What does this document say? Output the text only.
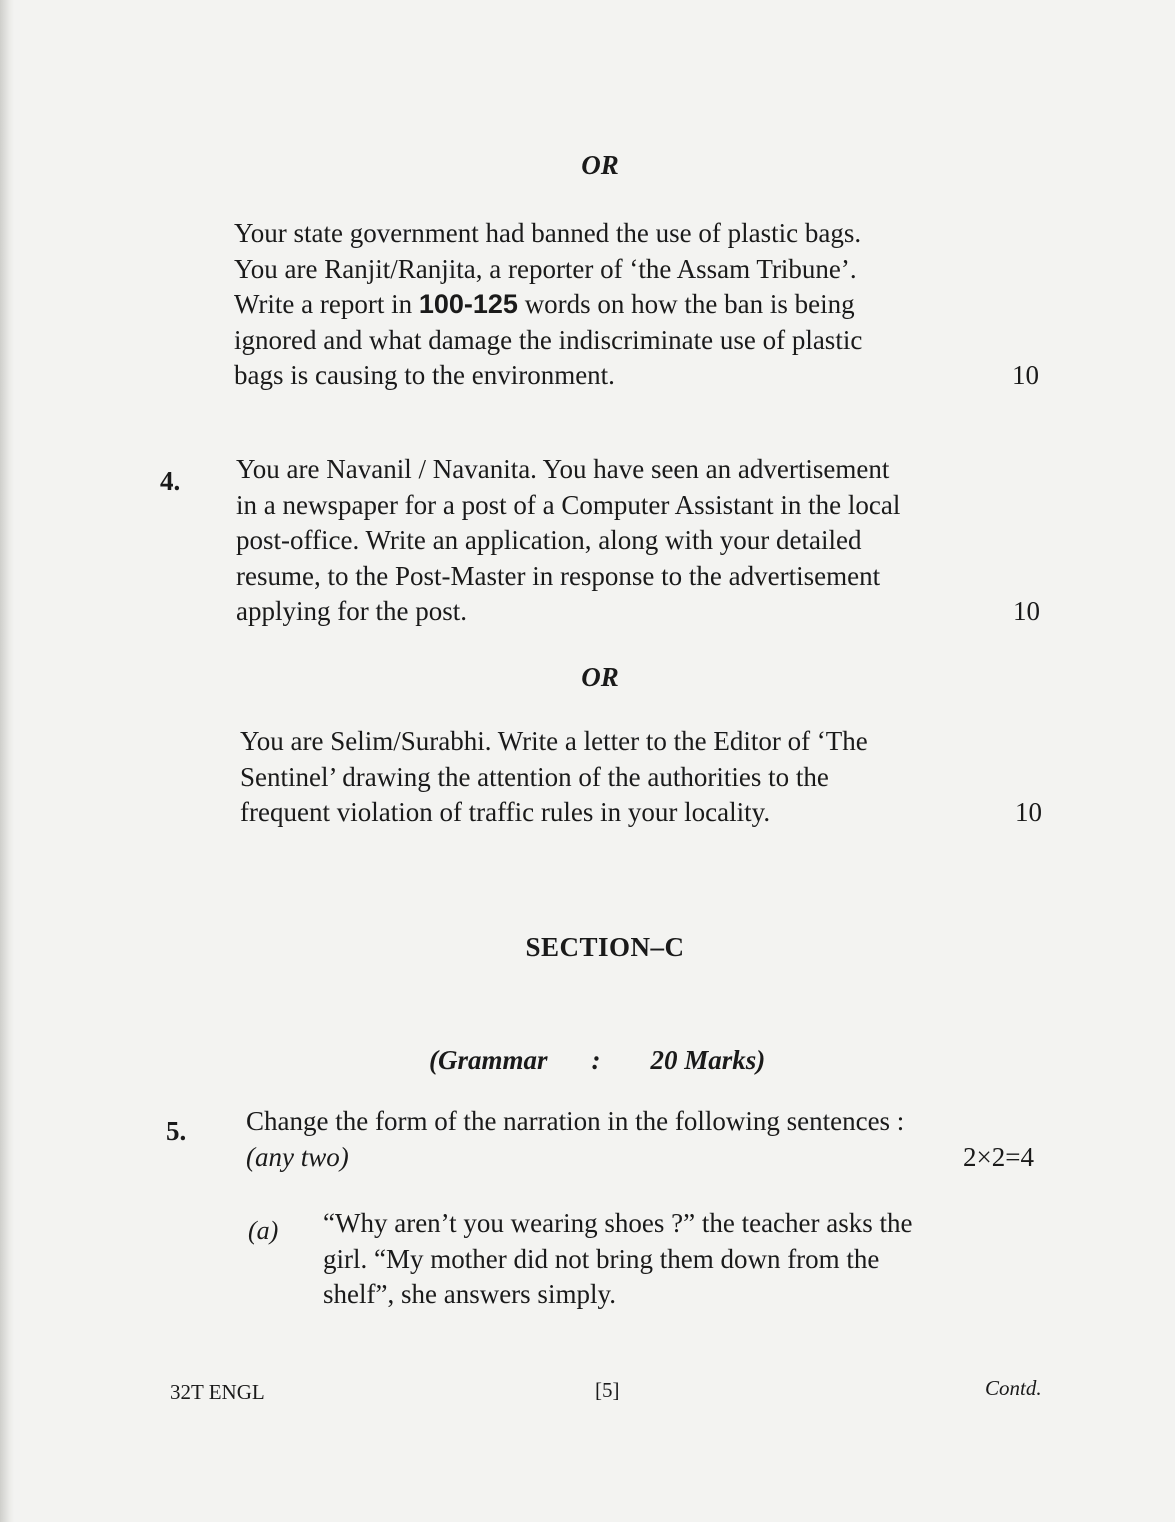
OR
Your state government had banned the use of plastic bags.
You are Ranjit/Ranjita, a reporter of ‘the Assam Tribune’.
Write a report in 100-125 words on how the ban is being
ignored and what damage the indiscriminate use of plastic
bags is causing to the environment.	10
4. You are Navanil / Navanita. You have seen an advertisement
in a newspaper for a post of a Computer Assistant in the local
post-office. Write an application, along with your detailed
resume, to the Post-Master in response to the advertisement
applying for the post.	10
OR
You are Selim/Surabhi. Write a letter to the Editor of ‘The
Sentinel’ drawing the attention of the authorities to the
frequent violation of traffic rules in your locality.	10
SECTION–C

(Grammar : 20 Marks)

5. Change the form of the narration in the following sentences :
(any two)	2×2=4
(a) “Why aren’t you wearing shoes ?” the teacher asks the
girl. “My mother did not bring them down from the
shelf”, she answers simply.
32T ENGL	[5]	Contd.
